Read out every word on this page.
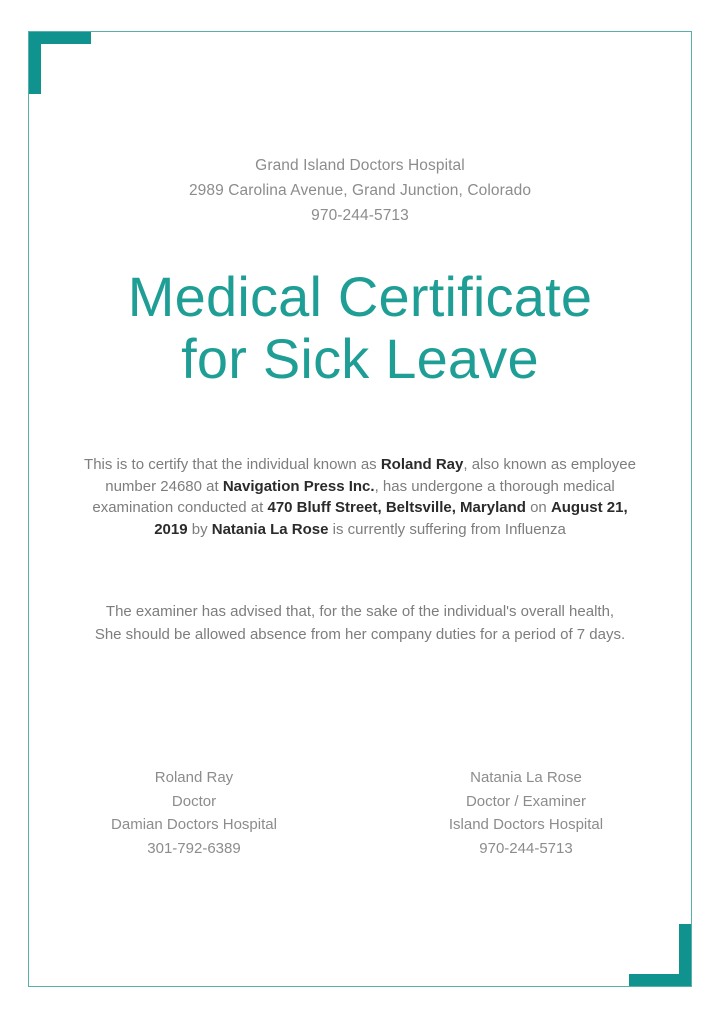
Grand Island Doctors Hospital
2989 Carolina Avenue, Grand Junction, Colorado
970-244-5713
Medical Certificate
for Sick Leave
This is to certify that the individual known as Roland Ray, also known as employee number 24680 at Navigation Press Inc., has undergone a thorough medical examination conducted at 470 Bluff Street, Beltsville, Maryland on August 21, 2019 by Natania La Rose is currently suffering from Influenza
The examiner has advised that, for the sake of the individual's overall health,
She should be allowed absence from her company duties for a period of 7 days.
Roland Ray
Doctor
Damian Doctors Hospital
301-792-6389
Natania La Rose
Doctor / Examiner
Island Doctors Hospital
970-244-5713
